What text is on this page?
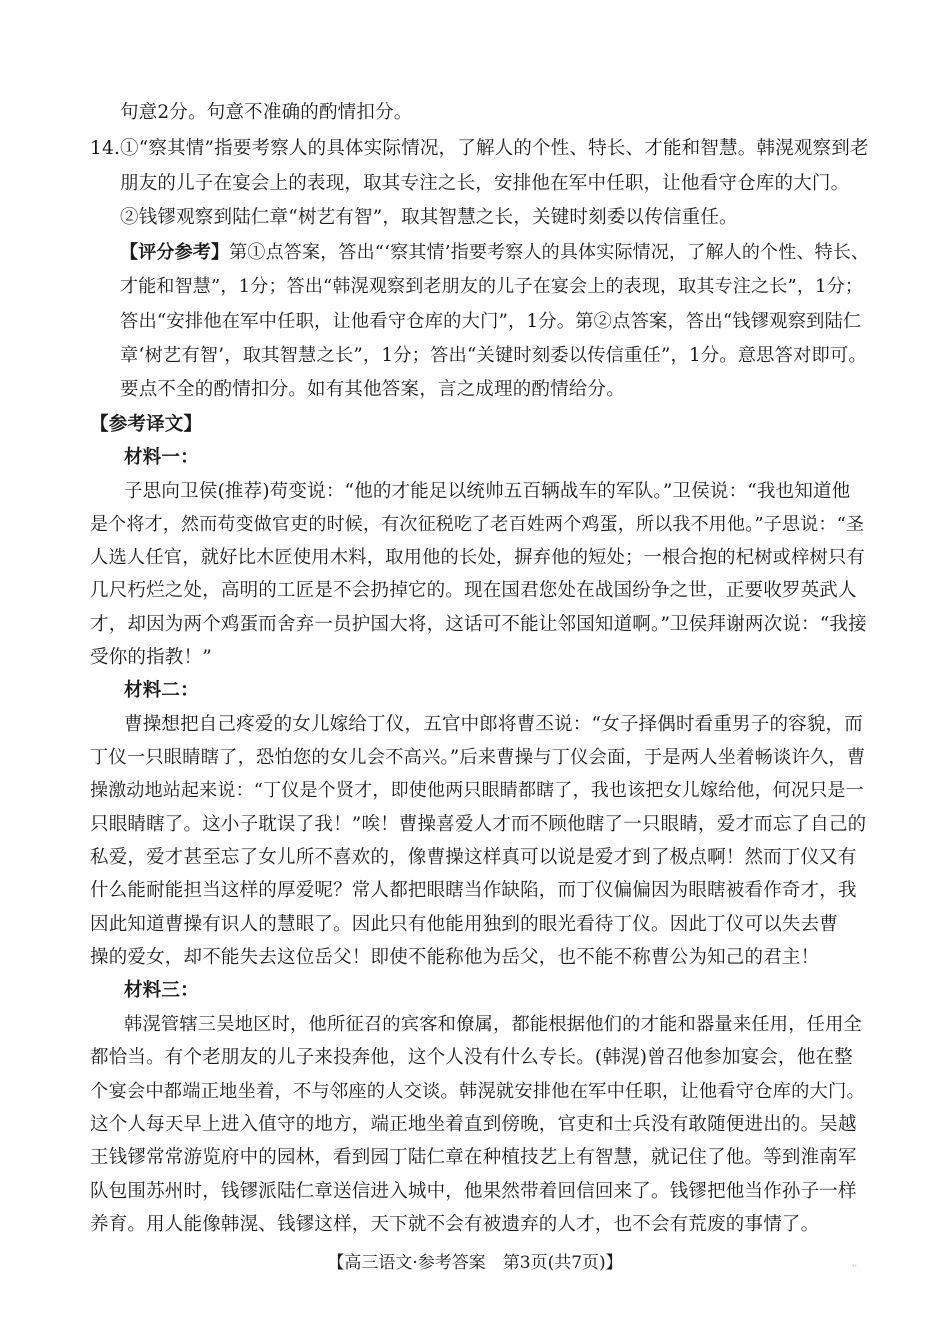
句意2分。句意不准确的酌情扣分。
14.①“察其情”指要考察人的具体实际情况，了解人的个性、特长、才能和智慧。韩滉观察到老
朋友的儿子在宴会上的表现，取其专注之长，安排他在军中任职，让他看守仓库的大门。
②钱镠观察到陆仁章“树艺有智”，取其智慧之长，关键时刻委以传信重任。
【评分参考】第①点答案，答出“‘察其情’指要考察人的具体实际情况，了解人的个性、特长、
才能和智慧”，1分；答出“韩滉观察到老朋友的儿子在宴会上的表现，取其专注之长”，1分；
答出“安排他在军中任职，让他看守仓库的大门”，1分。第②点答案，答出“钱镠观察到陆仁
章‘树艺有智’，取其智慧之长”，1分；答出“关键时刻委以传信重任”，1分。意思答对即可。
要点不全的酌情扣分。如有其他答案，言之成理的酌情给分。
【参考译文】
材料一：
子思向卫侯(推荐)苟变说：“他的才能足以统帅五百辆战车的军队。”卫侯说：“我也知道他
是个将才，然而苟变做官吏的时候，有次征税吃了老百姓两个鸡蛋，所以我不用他。”子思说：“圣
人选人任官，就好比木匠使用木料，取用他的长处，摒弃他的短处；一根合抱的杞树或梓树只有
几尺朽烂之处，高明的工匠是不会扔掉它的。现在国君您处在战国纷争之世，正要收罗英武人
才，却因为两个鸡蛋而舍弃一员护国大将，这话可不能让邻国知道啊。”卫侯拜谢两次说：“我接
受你的指教！”
材料二：
曹操想把自己疼爱的女儿嫁给丁仪，五官中郎将曹丕说：“女子择偶时看重男子的容貌，而
丁仪一只眼睛瞎了，恐怕您的女儿会不高兴。”后来曹操与丁仪会面，于是两人坐着畅谈许久，曹
操激动地站起来说：“丁仪是个贤才，即使他两只眼睛都瞎了，我也该把女儿嫁给他，何况只是一
只眼睛瞎了。这小子耽误了我！”唉！曹操喜爱人才而不顾他瞎了一只眼睛，爱才而忘了自己的
私爱，爱才甚至忘了女儿所不喜欢的，像曹操这样真可以说是爱才到了极点啊！然而丁仪又有
什么能耐能担当这样的厚爱呢？常人都把眼瞎当作缺陷，而丁仪偏偏因为眼瞎被看作奇才，我
因此知道曹操有识人的慧眼了。因此只有他能用独到的眼光看待丁仪。因此丁仪可以失去曹
操的爱女，却不能失去这位岳父！即使不能称他为岳父，也不能不称曹公为知己的君主！
材料三：
韩滉管辖三吴地区时，他所征召的宾客和僚属，都能根据他们的才能和器量来任用，任用全
都恰当。有个老朋友的儿子来投奔他，这个人没有什么专长。(韩滉)曾召他参加宴会，他在整
个宴会中都端正地坐着，不与邻座的人交谈。韩滉就安排他在军中任职，让他看守仓库的大门。
这个人每天早上进入值守的地方，端正地坐着直到傍晚，官吏和士兵没有敢随便进出的。吴越
王钱镠常常游览府中的园林，看到园丁陆仁章在种植技艺上有智慧，就记住了他。等到淮南军
队包围苏州时，钱镠派陆仁章送信进入城中，他果然带着回信回来了。钱镠把他当作孙子一样
养育。用人能像韩滉、钱镠这样，天下就不会有被遗弃的人才，也不会有荒废的事情了。
【高三语文·参考答案　第3页(共7页)】	··
